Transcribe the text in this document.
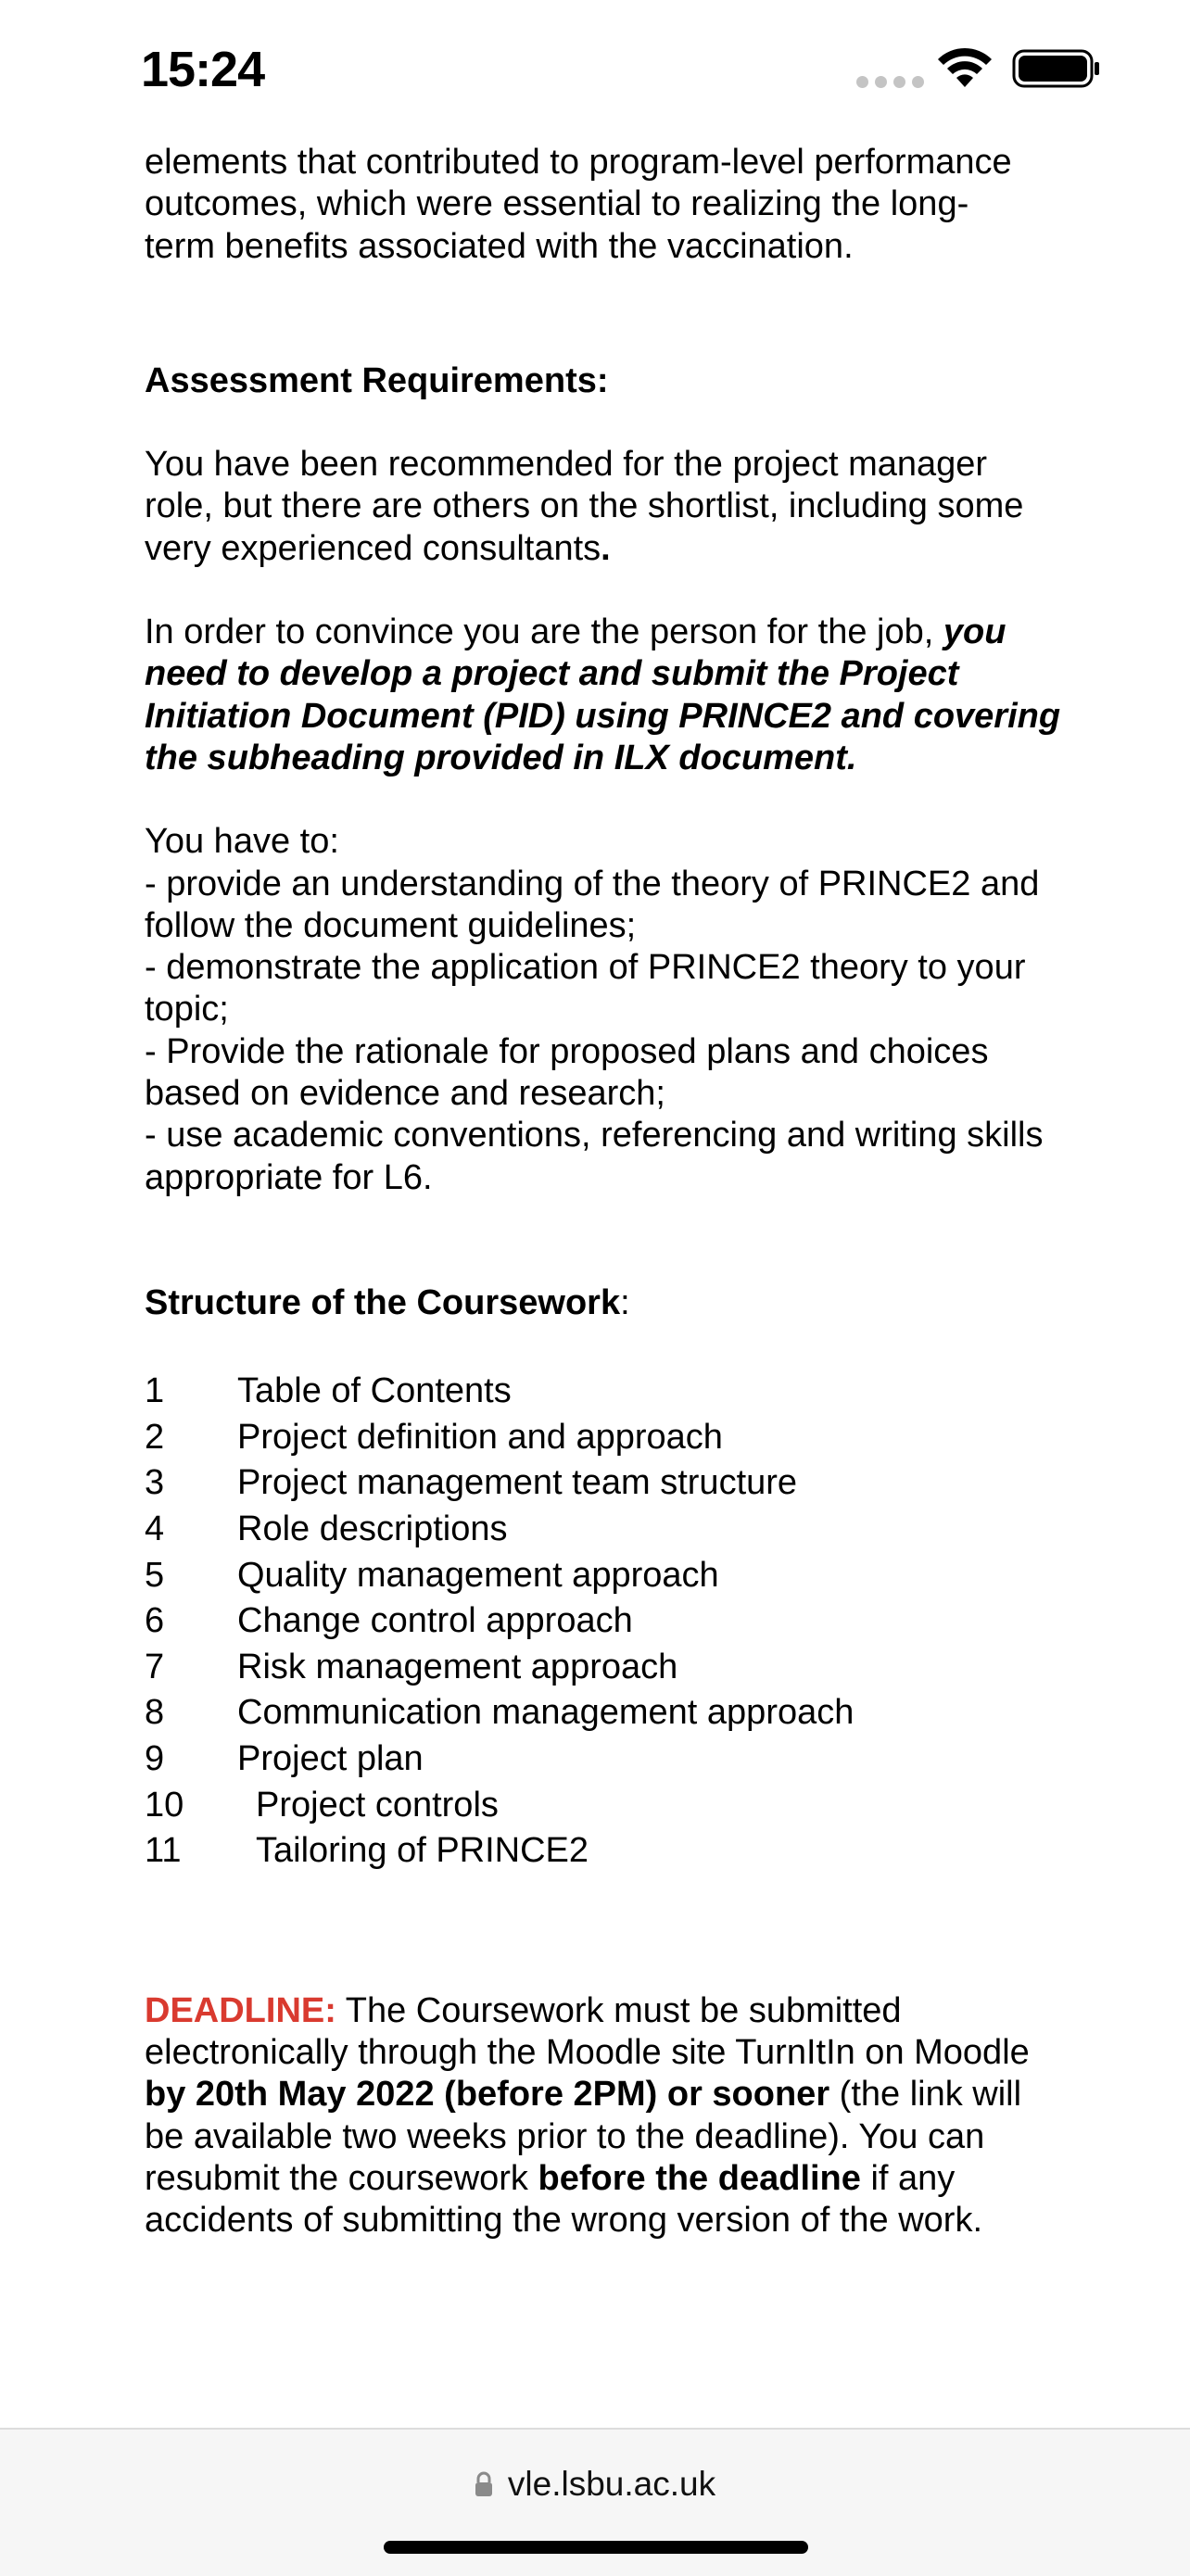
15:24

elements that contributed to program-level performance

outcomes, which were essential to realizing the long-

term benefits associated with the vaccination.

Assessment Requirements:

You have been recommended for the project manager role, but there are others on the shortlist, including some very experienced consultants.

In order to convince you are the person for the job, you need to develop a project and submit the Project Initiation Document (PID) using PRINCE2 and covering the subheading provided in ILX document.

You have to:

- provide an understanding of the theory of PRINCE2 and follow the document guidelines;

- demonstrate the application of PRINCE2 theory to your topic;

- Provide the rationale for proposed plans and choices based on evidence and research;

- use academic conventions, referencing and writing skills appropriate for L6.

Structure of the Coursework:

1	Table of Contents
2	Project definition and approach
3	Project management team structure
4	Role descriptions
5	Quality management approach
6	Change control approach
7	Risk management approach
8	Communication management approach
9	Project plan
10	Project controls
11	Tailoring of PRINCE2

DEADLINE: The Coursework must be submitted electronically through the Moodle site TurnItIn on Moodle by 20th May 2022 (before 2PM) or sooner (the link will be available two weeks prior to the deadline). You can resubmit the coursework before the deadline if any accidents of submitting the wrong version of the work.

vle.lsbu.ac.uk
